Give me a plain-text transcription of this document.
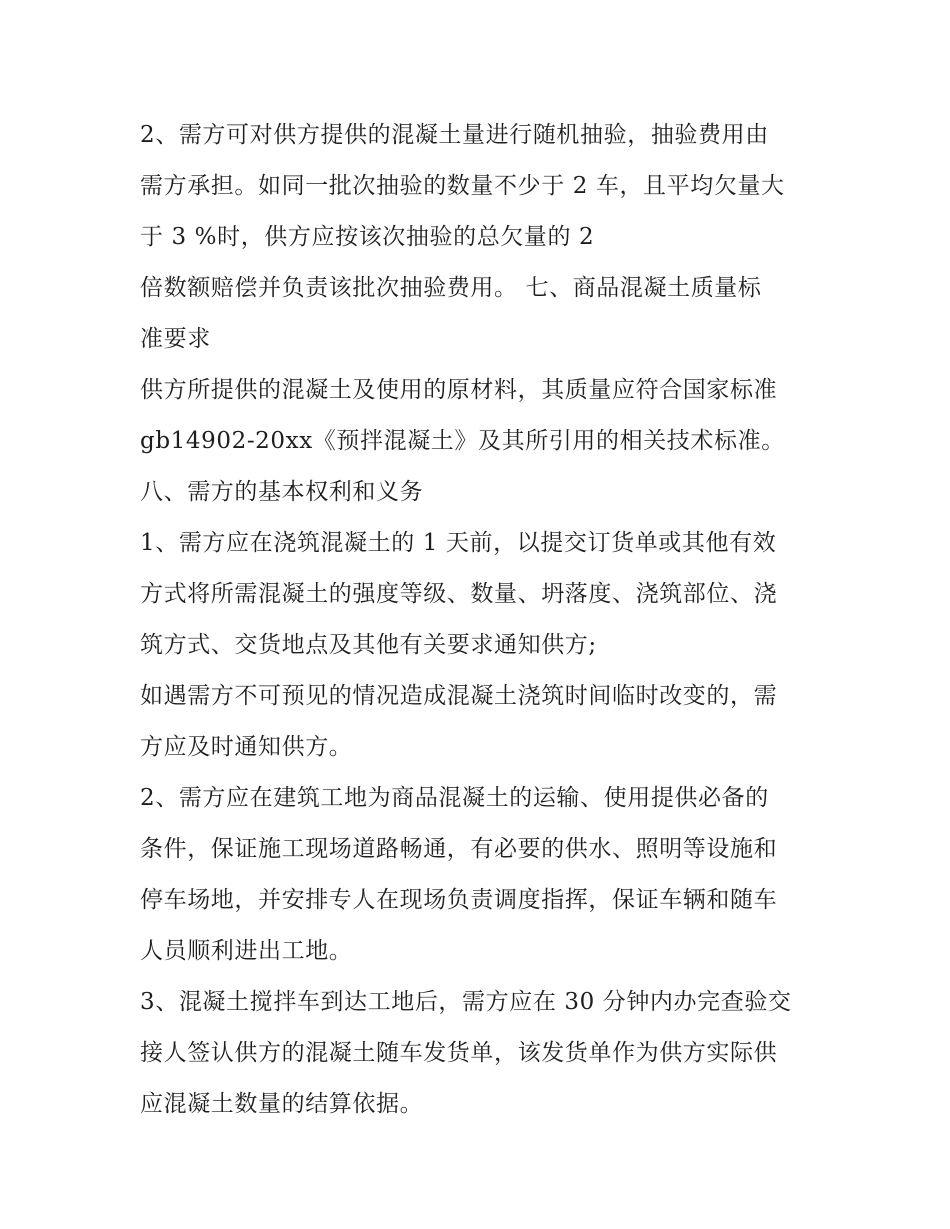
2、需方可对供方提供的混凝土量进行随机抽验，抽验费用由
需方承担。如同一批次抽验的数量不少于 2 车，且平均欠量大
于 3 %时，供方应按该次抽验的总欠量的 2
倍数额赔偿并负责该批次抽验费用。 七、商品混凝土质量标
准要求
供方所提供的混凝土及使用的原材料，其质量应符合国家标准
gb14902-20xx《预拌混凝土》及其所引用的相关技术标准。
八、需方的基本权利和义务
1、需方应在浇筑混凝土的 1 天前，以提交订货单或其他有效
方式将所需混凝土的强度等级、数量、坍落度、浇筑部位、浇
筑方式、交货地点及其他有关要求通知供方;
如遇需方不可预见的情况造成混凝土浇筑时间临时改变的，需
方应及时通知供方。
2、需方应在建筑工地为商品混凝土的运输、使用提供必备的
条件，保证施工现场道路畅通，有必要的供水、照明等设施和
停车场地，并安排专人在现场负责调度指挥，保证车辆和随车
人员顺利进出工地。
3、混凝土搅拌车到达工地后，需方应在 30 分钟内办完查验交
接人签认供方的混凝土随车发货单，该发货单作为供方实际供
应混凝土数量的结算依据。
